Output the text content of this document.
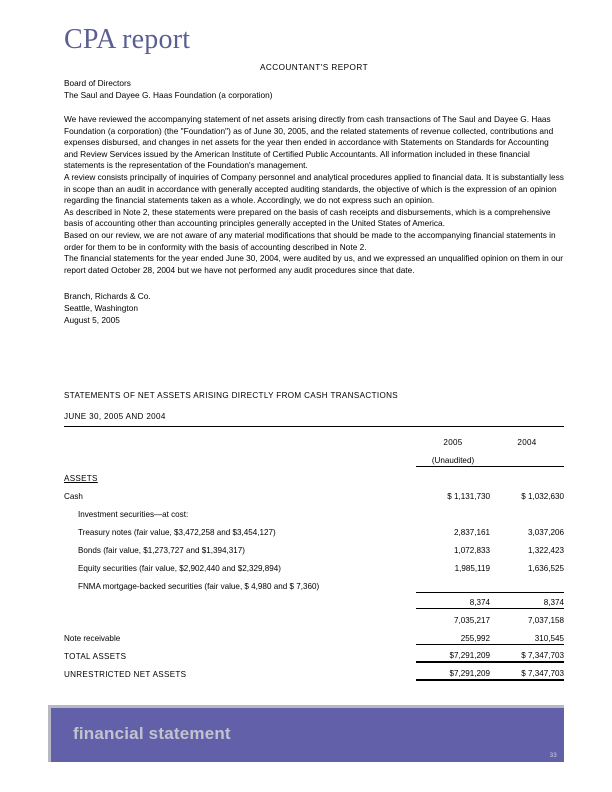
CPA report
ACCOUNTANT'S REPORT
Board of Directors
The Saul and Dayee G. Haas Foundation (a corporation)

We have reviewed the accompanying statement of net assets arising directly from cash transactions of The Saul and Dayee G. Haas Foundation (a corporation) (the "Foundation") as of June 30, 2005, and the related statements of revenue collected, contributions and expenses disbursed, and changes in net assets for the year then ended in accordance with Statements on Standards for Accounting and Review Services issued by the American Institute of Certified Public Accountants. All information included in these financial statements is the representation of the Foundation's management.

A review consists principally of inquiries of Company personnel and analytical procedures applied to financial data. It is substantially less in scope than an audit in accordance with generally accepted auditing standards, the objective of which is the expression of an opinion regarding the financial statements taken as a whole. Accordingly, we do not express such an opinion.

As described in Note 2, these statements were prepared on the basis of cash receipts and disbursements, which is a comprehensive basis of accounting other than accounting principles generally accepted in the United States of America.

Based on our review, we are not aware of any material modifications that should be made to the accompanying financial statements in order for them to be in conformity with the basis of accounting described in Note 2.

The financial statements for the year ended June 30, 2004, were audited by us, and we expressed an unqualified opinion on them in our report dated October 28, 2004 but we have not performed any audit procedures since that date.

Branch, Richards & Co.

Seattle, Washington

August 5, 2005

STATEMENTS OF NET ASSETS ARISING DIRECTLY FROM CASH TRANSACTIONS
JUNE 30, 2005 AND 2004
	2005	2004
	(Unaudited)	
ASSETS		
Cash	$ 1,131,730	$ 1,032,630
Investment securities—at cost:		
Treasury notes (fair value, $3,472,258 and $3,454,127)	2,837,161	3,037,206
Bonds (fair value, $1,273,727 and $1,394,317)	1,072,833	1,322,423
Equity securities (fair value, $2,902,440 and $2,329,894)	1,985,119	1,636,525
FNMA mortgage-backed securities (fair value, $ 4,980 and $ 7,360)		
	8,374	8,374
	7,035,217	7,037,158
Note receivable	255,992	310,545
TOTAL ASSETS	$7,291,209	$ 7,347,703
UNRESTRICTED NET ASSETS	$7,291,209	$ 7,347,703
financial statement
33
